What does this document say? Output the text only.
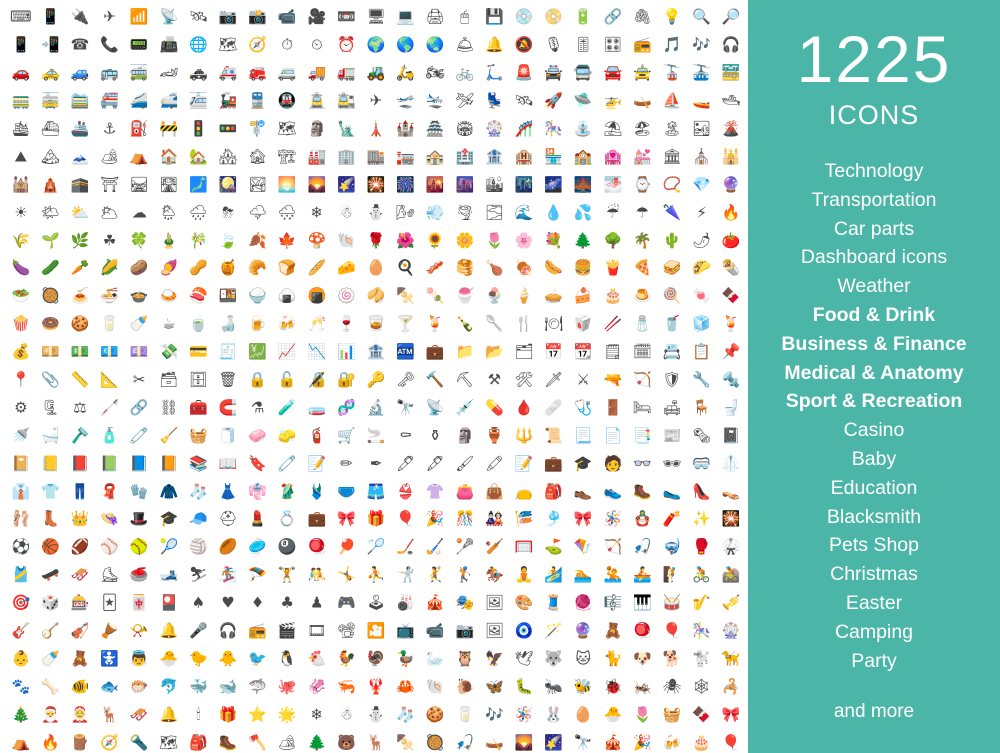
⌨ 📱 🔌 ✈ 📶 📡 🛰 📷 📸 📹 🎥 📼 🖥 💻 🖨 🖱 💾 💿 📀 🔋 🔗 🖇 💡 🔍 🔎
📱 📲 ☎ 📞 📟 📠 🌐 🗺 🧭 ⏱ ⏲ ⏰ 🌍 🌎 🌏 🛎 🔔 🔕 🎙 🎚 🎛 📻 🎵 🎶 🎧
🚗 🚕 🚙 🚌 🚎 🏎 🚓 🚑 🚒 🚐 🚚 🚛 🚜 🛵 🏍 🚲 🛴 🚨 🚔 🚍 🚘 🚖 🚡 🚠 🚟
🚃 🚋 🚞 🚝 🚄 🚅 🚈 🚂 🚆 🚇 🚊 🚉 ✈ 🛫 🛬 🛩 💺 🛰 🚀 🛸 🚁 🛶 ⛵ 🚤 🛥
🛳 ⛴ 🚢 ⚓ ⛽ 🚧 🚦 🚥 🚏 🗺 🗿 🗽 🗼 🏰 🏯 🏟 🎡 🎢 🎠 ⛲ ⛱ 🏖 🏝 🏜 🌋
⛰ 🏔 🗻 🏕 ⛺ 🏠 🏡 🏘 🏚 🏗 🏭 🏢 🏬 🏣 🏤 🏥 🏦 🏨 🏪 🏫 🏩 💒 🏛 ⛪ 🕌
🕍 🛕 🕋 ⛩ 🛤 🛣 🗾 🎑 🏞 🌅 🌄 🌠 🎇 🎆 🌇 🌆 🏙 🌃 🌌 🌉 🌁 ⌚ 📿 💎 🔮
☀ 🌤 ⛅ 🌥 ☁ 🌦 🌧 ⛈ 🌩 🌨 ❄ ☃ ⛄ 🌬 💨 🌪 🌫 🌊 💧 💦 ☔ ☂ 🌂 ⚡ 🔥
🌾 🌱 🌿 ☘ 🍀 🎍 🎋 🍃 🍂 🍁 🍄 🐚 🌹 🌺 🌻 🌼 🌷 🌸 💐 🌲 🌳 🌴 🌵 🌶 🍅
🍆 🥒 🥕 🌽 🥔 🍠 🥜 🍯 🥐 🍞 🥖 🧀 🥚 🍳 🥓 🥞 🍗 🍖 🌭 🍔 🍟 🍕 🥪 🌮 🌯
🥗 🥘 🍝 🍜 🍲 🍛 🍣 🍱 🍚 🍙 🍘 🍥 🥠 🍢 🍡 🍧 🍨 🍦 🥧 🍰 🎂 🍮 🍭 🍬 🍫
🍿 🍩 🍪 🥛 🍼 ☕ 🍵 🍶 🍺 🍻 🥂 🍷 🥃 🍸 🍹 🍾 🥄 🍴 🍽 🥡 🥢 🧂 🥤 🧊 🍹
💰 💴 💵 💶 💷 💸 💳 🧾 💹 📈 📉 📊 🏦 🏧 💼 📁 📂 🗂 📅 📆 🗒 🗓 📇 📋 📌
📍 📎 📏 📐 ✂ 🗃 🗄 🗑 🔒 🔓 🔏 🔐 🔑 🗝 🔨 ⛏ ⚒ 🛠 🗡 ⚔ 🔫 🏹 🛡 🔧 🔩
⚙ 🗜 ⚖ 🦯 🔗 ⛓ 🧰 🧲 ⚗ 🧪 🧫 🧬 🔬 🔭 📡 💉 💊 🩸 🩹 🩺 🚪 🛏 🛋 🪑 🚽
🚿 🛁 🪒 🧴 🧷 🧹 🧺 🧻 🧼 🧽 🧯 🛒 🚬 ⚰ ⚱ 🗿 🏺 🔱 📜 📃 📄 📑 📰 🗞 📓
📔 📒 📕 📗 📘 📙 📚 📖 🔖 🧷 📝 ✏ ✒ 🖊 🖋 🖌 🖍 📝 💼 🎓 🧑 👓 🕶 🥽 🥼
👔 👕 👖 🧣 🧤 🧥 🧦 👗 👘 🥻 🩱 🩲 🩳 👙 👚 👛 👜 👝 🎒 👞 👟 🥾 🥿 👠 👡
🩰 👢 👑 👒 🎩 🎓 🧢 ⛑ 💄 💍 💼 🎀 🎁 🎈 🎉 🎊 🎎 🎏 🎐 🎀 🪅 🪆 🧨 ✨ 🎇
⚽ 🏀 🏈 ⚾ 🥎 🎾 🏐 🏉 🥏 🎱 🪀 🏓 🏸 🏒 🏑 🥍 🏏 🥅 ⛳ 🪁 🏹 🎣 🤿 🥊 🥋
🎽 🛹 🛷 ⛸ 🥌 🎿 ⛷ 🏂 🪂 🏋 🤼 🤸 ⛹ 🤺 🤾 🏌 🏇 🧘 🏄 🏊 🤽 🚣 🧗 🚴 🚵
🎯 🎲 🎰 🃏 🀄 🎴 ♠ ♥ ♦ ♣ ♟ 🎮 🕹 🎳 🎪 🎭 🖼 🎨 🧵 🧶 🎼 🎹 🥁 🎷 🎺
🎸 🪕 🎻 🪘 📯 🔔 🎤 🎧 📻 🎬 🎞 📽 🎦 📺 📹 📷 🖼 🧿 🪄 🔮 🧸 🪀 🎈 🎠 🎡
👶 🍼 🧸 🚼 👼 🐣 🐤 🐥 🐦 🐧 🐔 🐓 🦃 🦆 🦢 🦉 🦅 🕊 🐺 🐱 🐈 🐶 🐕 🐩 🦮
🐾 🦴 🐠 🐟 🐡 🐬 🐳 🐋 🦈 🐙 🦑 🦐 🦞 🦀 🐚 🐌 🦋 🐛 🐜 🐝 🐞 🦗 🕷 🕸 🦂
🎄 🎅 🤶 🦌 🛷 🔔 🕯 🎁 ⭐ 🌟 ❄ ☃ ⛄ 🧦 🍪 🥛 🎶 🪅 🐰 🥚 🐣 🌷 🧺 🍫 🎀
⛺ 🔥 🪵 🧭 🔦 🗺 🎒 🥾 🪓 🏕 🌲 🐻 🦌 🍢 🥘 🎣 🛶 🌄 🌠 🔭 🎪 🎉 🍻 🎂 🎈
1225
ICONS
Technology
Transportation
Car parts
Dashboard icons
Weather
Food & Drink
Business & Finance
Medical & Anatomy
Sport & Recreation
Casino
Baby
Education
Blacksmith
Pets Shop
Christmas
Easter
Camping
Party
and more
